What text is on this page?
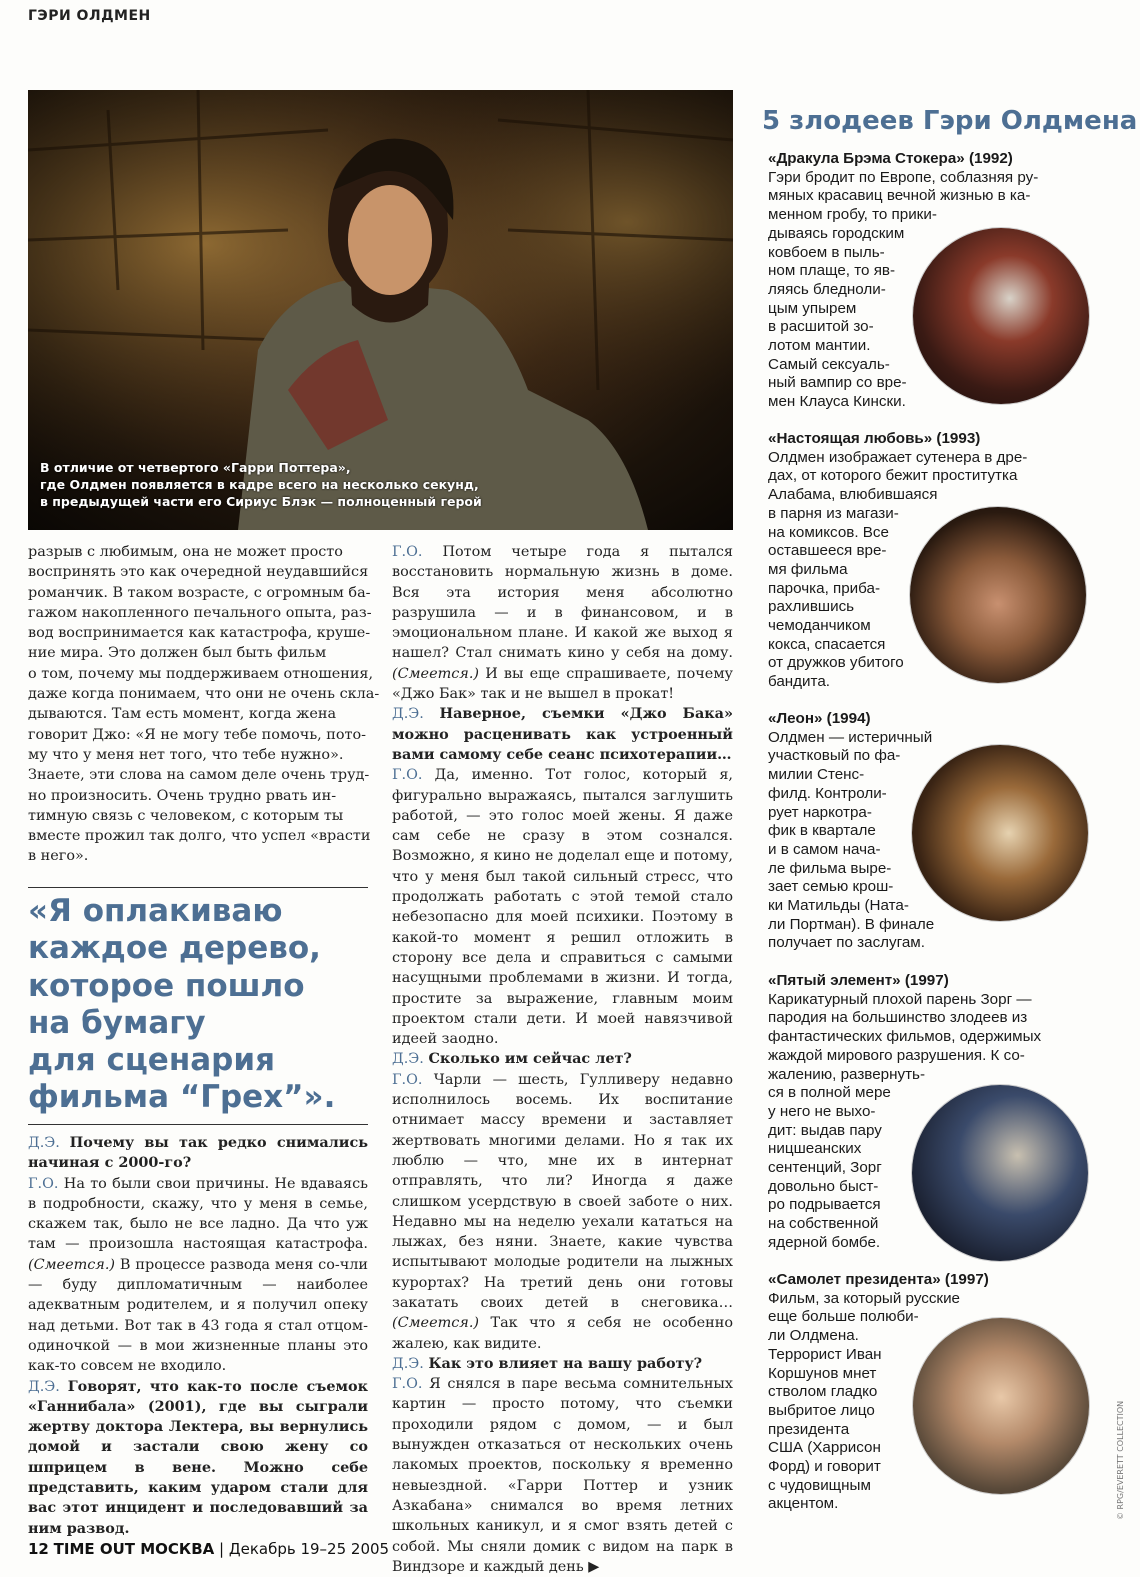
ГЭРИ ОЛДМЕН
В отличие от четвертого «Гарри Поттера»,
где Олдмен появляется в кадре всего на несколько секунд,
в предыдущей части его Сириус Блэк — полноценный герой
разрыв с любимым, она не может просто
воспринять это как очередной неудавшийся
романчик. В таком возрасте, с огромным ба-
гажом накопленного печального опыта, раз-
вод воспринимается как катастрофа, круше-
ние мира. Это должен был быть фильм
о том, почему мы поддерживаем отношения,
даже когда понимаем, что они не очень скла-
дываются. Там есть момент, когда жена
говорит Джо: «Я не могу тебе помочь, пото-
му что у меня нет того, что тебе нужно».
Знаете, эти слова на самом деле очень труд-
но произносить. Очень трудно рвать ин-
тимную связь с человеком, с которым ты
вместе прожил так долго, что успел «врасти
в него».
«Я оплакиваю
каждое дерево,
которое пошло
на бумагу
для сценария
фильма “Грех”».

Д.Э. Почему вы так редко снимались начиная с 2000-го?

Г.О. На то были свои причины. Не вдаваясь в подробности, скажу, что у меня в семье, скажем так, было не все ладно. Да что уж там — произошла настоящая катастрофа. (Смеется.) В процессе развода меня со-чли — буду дипломатичным — наиболее адекватным родителем, и я получил опеку над детьми. Вот так в 43 года я стал отцом-одиночкой — в мои жизненные планы это как-то совсем не входило.

Д.Э. Говорят, что как-то после съемок «Ганнибала» (2001), где вы сыграли жертву доктора Лектера, вы вернулись домой и застали свою жену со шприцем в вене. Можно себе представить, каким ударом стали для вас этот инцидент и последовавший за ним развод.

Г.О. Потом четыре года я пытался восстановить нормальную жизнь в доме. Вся эта история меня абсолютно разрушила — и в финансовом, и в эмоциональном плане. И какой же выход я нашел? Стал снимать кино у себя на дому. (Смеется.) И вы еще спрашиваете, почему «Джо Бак» так и не вышел в прокат!

Д.Э. Наверное, съемки «Джо Бака» можно расценивать как устроенный вами самому себе сеанс психотерапии…

Г.О. Да, именно. Тот голос, который я, фигурально выражаясь, пытался заглушить работой, — это голос моей жены. Я даже сам себе не сразу в этом сознался. Возможно, я кино не доделал еще и потому, что у меня был такой сильный стресс, что продолжать работать с этой темой стало небезопасно для моей психики. Поэтому в какой-то момент я решил отложить в сторону все дела и справиться с самыми насущными проблемами в жизни. И тогда, простите за выражение, главным моим проектом стали дети. И моей навязчивой идеей заодно.

Д.Э. Сколько им сейчас лет?

Г.О. Чарли — шесть, Гулливеру недавно исполнилось восемь. Их воспитание отнимает массу времени и заставляет жертвовать многими делами. Но я так их люблю — что, мне их в интернат отправлять, что ли? Иногда я даже слишком усердствую в своей заботе о них. Недавно мы на неделю уехали кататься на лыжах, без няни. Знаете, какие чувства испытывают молодые родители на лыжных курортах? На третий день они готовы закатать своих детей в снеговика… (Смеется.) Так что я себя не особенно жалею, как видите.

Д.Э. Как это влияет на вашу работу?

Г.О. Я снялся в паре весьма сомнительных картин — просто потому, что съемки проходили рядом с домом, — и был вынужден отказаться от нескольких очень лакомых проектов, поскольку я временно невыездной. «Гарри Поттер и узник Азкабана» снимался во время летних школьных каникул, и я смог взять детей с собой. Мы сняли домик с видом на парк в Виндзоре и каждый день ▶

5 злодеев Гэри Олдмена
«Дракула Брэма Стокера» (1992)
Гэри бродит по Европе, соблазняя ру-
мяных красавиц вечной жизнью в ка-
менном гробу, то прики-
дываясь городским
ковбоем в пыль-
ном плаще, то яв-
ляясь бледноли-
цым упырем
в расшитой зо-
лотом мантии.
Самый сексуаль-
ный вампир со вре-
мен Клауса Кински.
«Настоящая любовь» (1993)
Олдмен изображает сутенера в дре-
дах, от которого бежит проститутка
Алабама, влюбившаяся
в парня из магази-
на комиксов. Все
оставшееся вре-
мя фильма
парочка, приба-
рахлившись
чемоданчиком
кокса, спасается
от дружков убитого
бандита.
«Леон» (1994)
Олдмен — истеричный
участковый по фа-
милии Стенс-
филд. Контроли-
рует наркотра-
фик в квартале
и в самом нача-
ле фильма выре-
зает семью крош-
ки Матильды (Ната-
ли Портман). В финале
получает по заслугам.
«Пятый элемент» (1997)
Карикатурный плохой парень Зорг —
пародия на большинство злодеев из
фантастических фильмов, одержимых
жаждой мирового разрушения. К со-
жалению, развернуть-
ся в полной мере
у него не выхо-
дит: выдав пару
ницшеанских
сентенций, Зорг
довольно быст-
ро подрывается
на собственной
ядерной бомбе.
«Самолет президента» (1997)
Фильм, за который русские
еще больше полюби-
ли Олдмена.
Террорист Иван
Коршунов мнет
стволом гладко
выбритое лицо
президента
США (Харрисон
Форд) и говорит
с чудовищным
акцентом.
12 TIME OUT МОСКВА | Декабрь 19–25 2005
© RPG/EVERETT COLLECTION
